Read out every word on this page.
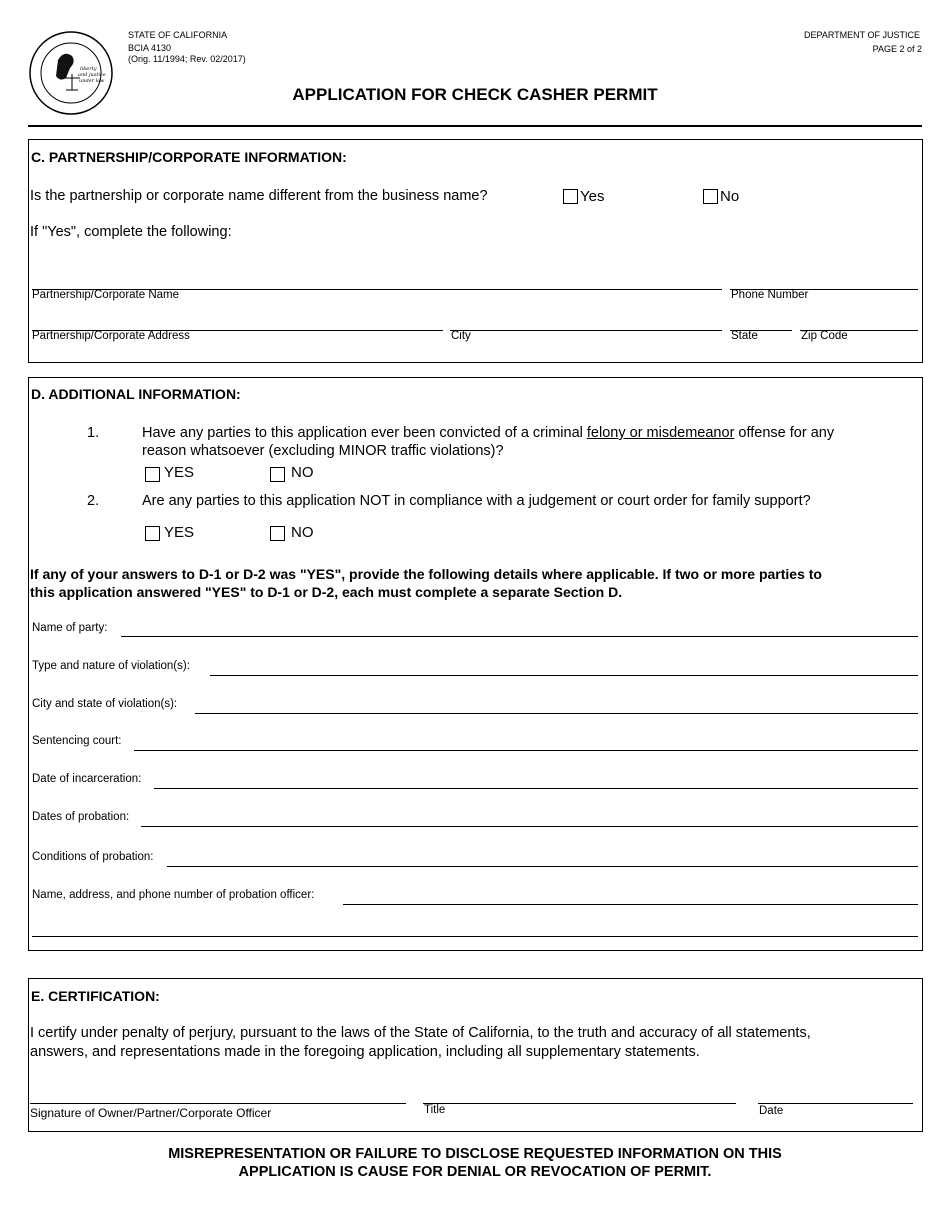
liberty
and justice
under law
STATE OF CALIFORNIA
BCIA 4130
(Orig. 11/1994; Rev. 02/2017)
DEPARTMENT OF JUSTICE
PAGE 2 of 2
APPLICATION FOR CHECK CASHER PERMIT
C. PARTNERSHIP/CORPORATE INFORMATION:
Is the partnership or corporate name different from the business name?	Yes	No
If "Yes", complete the following:
Partnership/Corporate Name	Phone Number
Partnership/Corporate Address	City	State	Zip Code
D. ADDITIONAL INFORMATION:
1.	Have any parties to this application ever been convicted of a criminal felony or misdemeanor offense for any
reason whatsoever (excluding MINOR traffic violations)?
YES	NO
2.	Are any parties to this application NOT in compliance with a judgement or court order for family support?
YES	NO
If any of your answers to D-1 or D-2 was "YES", provide the following details where applicable. If two or more parties to
this application answered "YES" to D-1 or D-2, each must complete a separate Section D.
Name of party:
Type and nature of violation(s):
City and state of violation(s):
Sentencing court:
Date of incarceration:
Dates of probation:
Conditions of probation:
Name, address, and phone number of probation officer:
E. CERTIFICATION:
I certify under penalty of perjury, pursuant to the laws of the State of California, to the truth and accuracy of all statements,
answers, and representations made in the foregoing application, including all supplementary statements.
Signature of Owner/Partner/Corporate Officer	Title	Date
MISREPRESENTATION OR FAILURE TO DISCLOSE REQUESTED INFORMATION ON THIS
APPLICATION IS CAUSE FOR DENIAL OR REVOCATION OF PERMIT.
